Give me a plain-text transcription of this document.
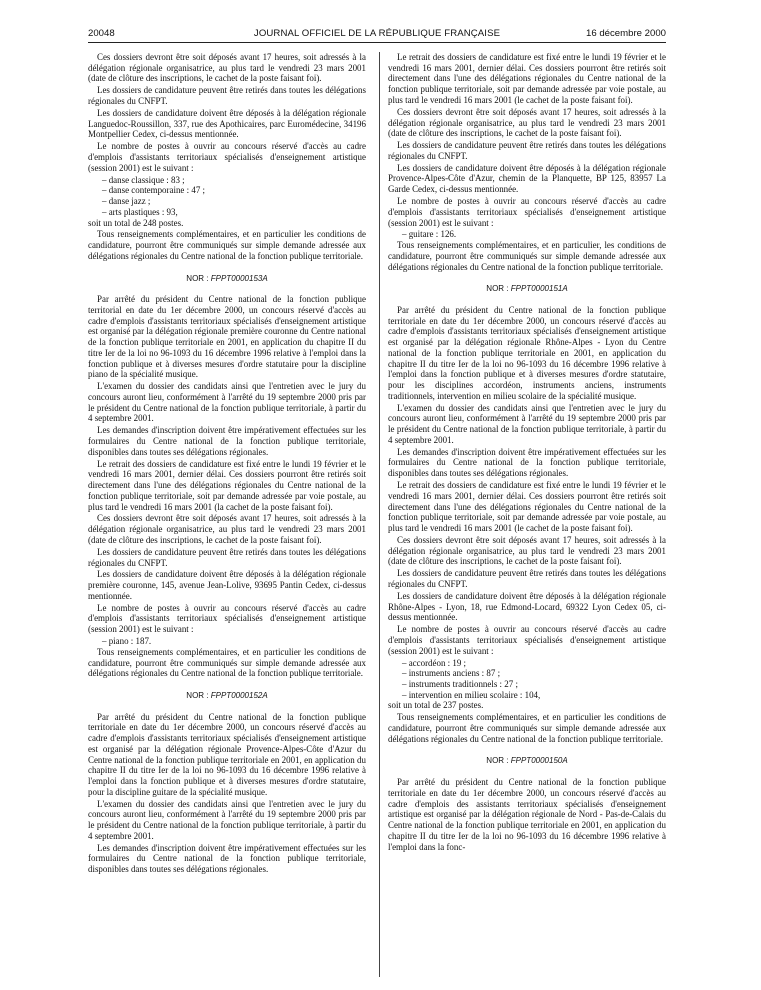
20048	JOURNAL OFFICIEL DE LA RÉPUBLIQUE FRANÇAISE	16 décembre 2000

Ces dossiers devront être soit déposés avant 17 heures, soit adressés à la délégation régionale organisatrice, au plus tard le vendredi 23 mars 2001 (date de clôture des inscriptions, le cachet de la poste faisant foi).

Les dossiers de candidature peuvent être retirés dans toutes les délégations régionales du CNFPT.

Les dossiers de candidature doivent être déposés à la délégation régionale Languedoc-Roussillon, 337, rue des Apothicaires, parc Euromédecine, 34196 Montpellier Cedex, ci-dessus mentionnée.

Le nombre de postes à ouvrir au concours réservé d'accès au cadre d'emplois d'assistants territoriaux spécialisés d'enseignement artistique (session 2001) est le suivant :

– danse classique : 83 ;
– danse contemporaine : 47 ;
– danse jazz ;
– arts plastiques : 93,

soit un total de 248 postes.

Tous renseignements complémentaires, et en particulier les conditions de candidature, pourront être communiqués sur simple demande adressée aux délégations régionales du Centre national de la fonction publique territoriale.

NOR : FPPT0000153A

Par arrêté du président du Centre national de la fonction publique territorial en date du 1er décembre 2000, un concours réservé d'accès au cadre d'emplois d'assistants territoriaux spécialisés d'enseignement artistique est organisé par la délégation régionale première couronne du Centre national de la fonction publique territoriale en 2001, en application du chapitre II du titre Ier de la loi no 96-1093 du 16 décembre 1996 relative à l'emploi dans la fonction publique et à diverses mesures d'ordre statutaire pour la discipline piano de la spécialité musique.

L'examen du dossier des candidats ainsi que l'entretien avec le jury du concours auront lieu, conformément à l'arrêté du 19 septembre 2000 pris par le président du Centre national de la fonction publique territoriale, à partir du 4 septembre 2001.

Les demandes d'inscription doivent être impérativement effectuées sur les formulaires du Centre national de la fonction publique territoriale, disponibles dans toutes ses délégations régionales.

Le retrait des dossiers de candidature est fixé entre le lundi 19 février et le vendredi 16 mars 2001, dernier délai. Ces dossiers pourront être retirés soit directement dans l'une des délégations régionales du Centre national de la fonction publique territoriale, soit par demande adressée par voie postale, au plus tard le vendredi 16 mars 2001 (la cachet de la poste faisant foi).

Ces dossiers devront être soit déposés avant 17 heures, soit adressés à la délégation régionale organisatrice, au plus tard le vendredi 23 mars 2001 (date de clôture des inscriptions, le cachet de la poste faisant foi).

Les dossiers de candidature peuvent être retirés dans toutes les délégations régionales du CNFPT.

Les dossiers de candidature doivent être déposés à la délégation régionale première couronne, 145, avenue Jean-Lolive, 93695 Pantin Cedex, ci-dessus mentionnée.

Le nombre de postes à ouvrir au concours réservé d'accès au cadre d'emplois d'assistants territoriaux spécialisés d'enseignement artistique (session 2001) est le suivant :

– piano : 187.

Tous renseignements complémentaires, et en particulier les conditions de candidature, pourront être communiqués sur simple demande adressée aux délégations régionales du Centre national de la fonction publique territoriale.

NOR : FPPT0000152A

Par arrêté du président du Centre national de la fonction publique territoriale en date du 1er décembre 2000, un concours réservé d'accès au cadre d'emplois d'assistants territoriaux spécialisés d'enseignement artistique est organisé par la délégation régionale Provence-Alpes-Côte d'Azur du Centre national de la fonction publique territoriale en 2001, en application du chapitre II du titre Ier de la loi no 96-1093 du 16 décembre 1996 relative à l'emploi dans la fonction publique et à diverses mesures d'ordre statutaire, pour la discipline guitare de la spécialité musique.

L'examen du dossier des candidats ainsi que l'entretien avec le jury du concours auront lieu, conformément à l'arrêté du 19 septembre 2000 pris par le président du Centre national de la fonction publique territoriale, à partir du 4 septembre 2001.

Les demandes d'inscription doivent être impérativement effectuées sur les formulaires du Centre national de la fonction publique territoriale, disponibles dans toutes ses délégations régionales.

Le retrait des dossiers de candidature est fixé entre le lundi 19 février et le vendredi 16 mars 2001, dernier délai. Ces dossiers pourront être retirés soit directement dans l'une des délégations régionales du Centre national de la fonction publique territoriale, soit par demande adressée par voie postale, au plus tard le vendredi 16 mars 2001 (le cachet de la poste faisant foi).

Ces dossiers devront être soit déposés avant 17 heures, soit adressés à la délégation régionale organisatrice, au plus tard le vendredi 23 mars 2001 (date de clôture des inscriptions, le cachet de la poste faisant foi).

Les dossiers de candidature peuvent être retirés dans toutes les délégations régionales du CNFPT.

Les dossiers de candidature doivent être déposés à la délégation régionale Provence-Alpes-Côte d'Azur, chemin de la Planquette, BP 125, 83957 La Garde Cedex, ci-dessus mentionnée.

Le nombre de postes à ouvrir au concours réservé d'accès au cadre d'emplois d'assistants territoriaux spécialisés d'enseignement artistique (session 2001) est le suivant :

– guitare : 126.

Tous renseignements complémentaires, et en particulier, les conditions de candidature, pourront être communiqués sur simple demande adressée aux délégations régionales du Centre national de la fonction publique territoriale.

NOR : FPPT0000151A

Par arrêté du président du Centre national de la fonction publique territoriale en date du 1er décembre 2000, un concours réservé d'accès au cadre d'emplois d'assistants territoriaux spécialisés d'enseignement artistique est organisé par la délégation régionale Rhône-Alpes - Lyon du Centre national de la fonction publique territoriale en 2001, en application du chapitre II du titre Ier de la loi no 96-1093 du 16 décembre 1996 relative à l'emploi dans la fonction publique et à diverses mesures d'ordre statutaire, pour les disciplines accordéon, instruments anciens, instruments traditionnels, intervention en milieu scolaire de la spécialité musique.

L'examen du dossier des candidats ainsi que l'entretien avec le jury du concours auront lieu, conformément à l'arrêté du 19 septembre 2000 pris par le président du Centre national de la fonction publique territoriale, à partir du 4 septembre 2001.

Les demandes d'inscription doivent être impérativement effectuées sur les formulaires du Centre national de la fonction publique territoriale, disponibles dans toutes ses délégations régionales.

Le retrait des dossiers de candidature est fixé entre le lundi 19 février et le vendredi 16 mars 2001, dernier délai. Ces dossiers pourront être retirés soit directement dans l'une des délégations régionales du Centre national de la fonction publique territoriale, soit par demande adressée par voie postale, au plus tard le vendredi 16 mars 2001 (le cachet de la poste faisant foi).

Ces dossiers devront être soit déposés avant 17 heures, soit adressés à la délégation régionale organisatrice, au plus tard le vendredi 23 mars 2001 (date de clôture des inscriptions, le cachet de la poste faisant foi).

Les dossiers de candidature peuvent être retirés dans toutes les délégations régionales du CNFPT.

Les dossiers de candidature doivent être déposés à la délégation régionale Rhône-Alpes - Lyon, 18, rue Edmond-Locard, 69322 Lyon Cedex 05, ci-dessus mentionnée.

Le nombre de postes à ouvrir au concours réservé d'accès au cadre d'emplois d'assistants territoriaux spécialisés d'enseignement artistique (session 2001) est le suivant :

– accordéon : 19 ;
– instruments anciens : 87 ;
– instruments traditionnels : 27 ;
– intervention en milieu scolaire : 104,

soit un total de 237 postes.

Tous renseignements complémentaires, et en particulier les conditions de candidature, pourront être communiqués sur simple demande adressée aux délégations régionales du Centre national de la fonction publique territoriale.

NOR : FPPT0000150A

Par arrêté du président du Centre national de la fonction publique territoriale en date du 1er décembre 2000, un concours réservé d'accès au cadre d'emplois des assistants territoriaux spécialisés d'enseignement artistique est organisé par la délégation régionale de Nord - Pas-de-Calais du Centre national de la fonction publique territoriale en 2001, en application du chapitre II du titre Ier de la loi no 96-1093 du 16 décembre 1996 relative à l'emploi dans la fonc-
